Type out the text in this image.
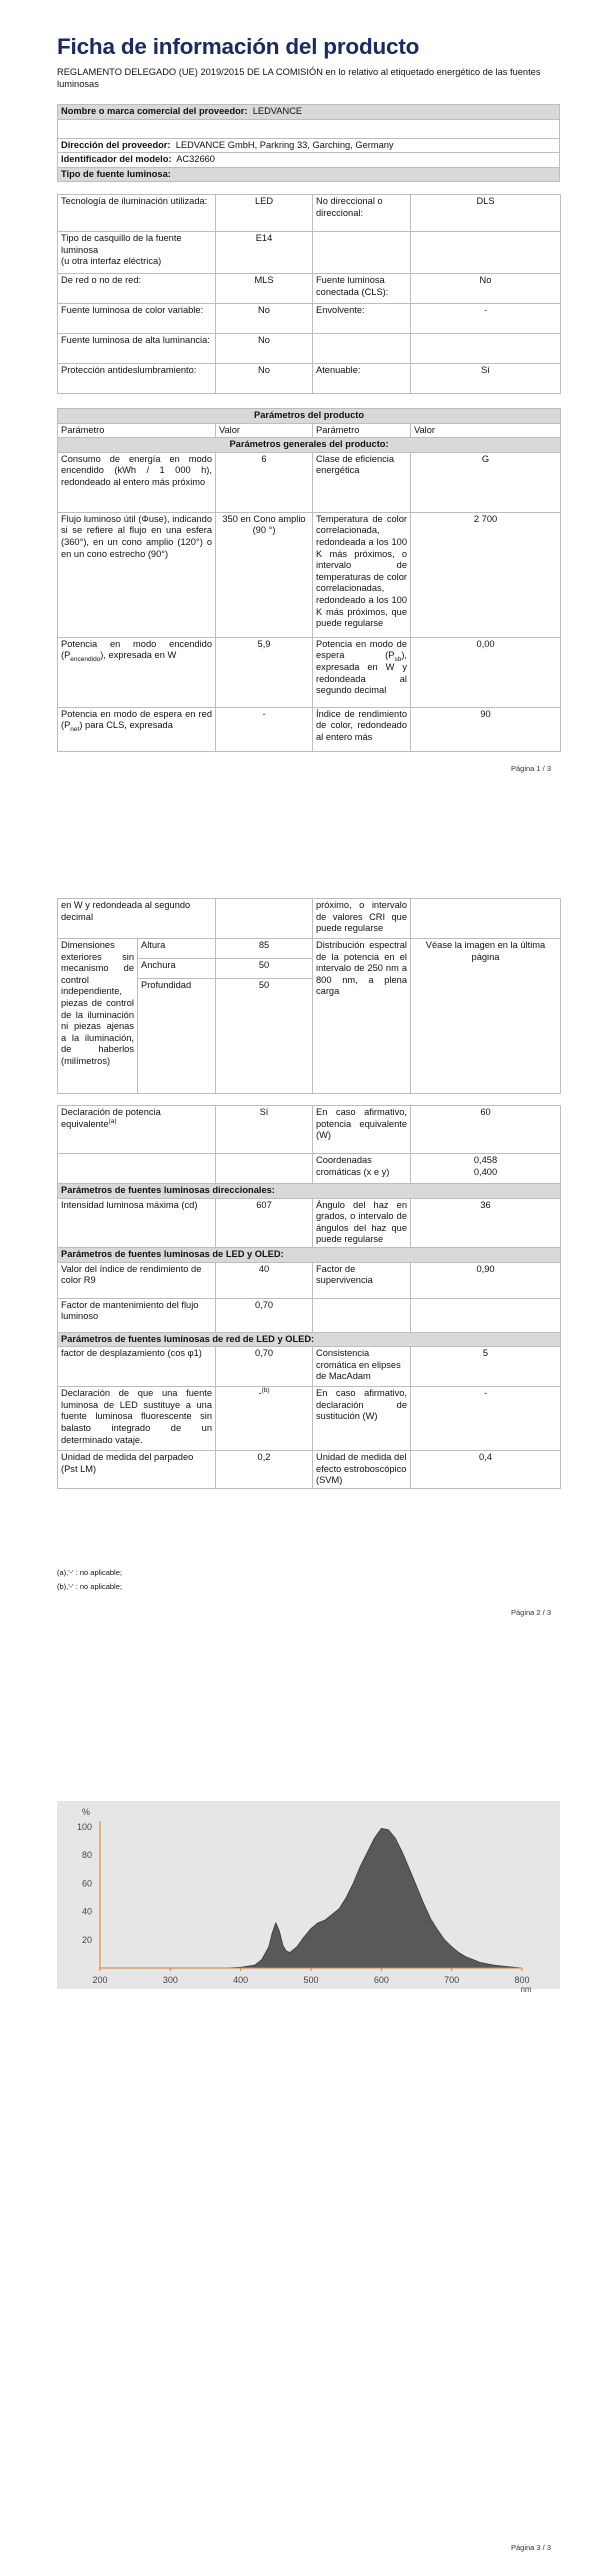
Ficha de información del producto
REGLAMENTO DELEGADO (UE) 2019/2015 DE LA COMISIÓN en lo relativo al etiquetado energético de las fuentes luminosas
Nombre o marca comercial del proveedor: LEDVANCE

Dirección del proveedor: LEDVANCE GmbH, Parkring 33, Garching, Germany
Identificador del modelo: AC32660
Tipo de fuente luminosa:
Tecnología de iluminación utilizada:	LED	No direccional o direccional:	DLS
Tipo de casquillo de la fuente luminosa
(u otra interfaz eléctrica)	E14		
De red o no de red:	MLS	Fuente luminosa conectada (CLS):	No
Fuente luminosa de color variable:	No	Envolvente:	-
Fuente luminosa de alta luminancia:	No		
Protección antideslumbramiento:	No	Atenuable:	Sí
Parámetros del producto			
Parámetro	Valor	Parámetro	Valor
Parámetros generales del producto:			
Consumo de energía en modo encendido (kWh / 1 000 h), redondeado al entero más próximo	6	Clase de eficiencia energética	G
Flujo luminoso útil (Φuse), indicando si se refiere al flujo en una esfera (360°), en un cono amplio (120°) o en un cono estrecho (90°)	350 en Cono amplio (90 °)	Temperatura de color correlacionada, redondeada a los 100 K más próximos, o intervalo de temperaturas de color correlacionadas, redondeado a los 100 K más próximos, que puede regularse	2 700
Potencia en modo encendido $(P_{encendido})$, expresada en W	5,9	Potencia en modo de espera $(P_{sb})$, expresada en W y redondeada al segundo decimal	0,00
Potencia en modo de espera en red $(P_{net})$ para CLS, expresada	-	Índice de rendimiento de color, redondeado al entero más	90
Página 1 / 3
en W y redondeada al segundo decimal		próximo, o intervalo de valores CRI que puede regularse	
Dimensiones exteriores sin mecanismo de control independiente, piezas de control de la iluminación ni piezas ajenas a la iluminación, de haberlos (milímetros)	Altura	85	Distribución espectral de la potencia en el intervalo de 250 nm a 800 nm, a plena carga	Véase la imagen en la última página
	Anchura	50		
	Profundidad	50		
Declaración de potencia equivalente$^{(a)}$	Sí	En caso afirmativo, potencia equivalente (W)	60
		Coordenadas cromáticas (x e y)	0,458
0,400
Parámetros de fuentes luminosas direccionales:			
Intensidad luminosa máxima (cd)	607	Ángulo del haz en grados, o intervalo de ángulos del haz que puede regularse	36
Parámetros de fuentes luminosas de LED y OLED:			
Valor del índice de rendimiento de color R9	40	Factor de supervivencia	0,90
Factor de mantenimiento del flujo luminoso	0,70		
Parámetros de fuentes luminosas de red de LED y OLED:			
factor de desplazamiento (cos φ1)	0,70	Consistencia cromática en elipses de MacAdam	5
Declaración de que una fuente luminosa de LED sustituye a una fuente luminosa fluorescente sin balasto integrado de un determinado vataje.	-$^{(b)}$	En caso afirmativo, declaración de sustitución (W)	-
Unidad de medida del parpadeo (Pst LM)	0,2	Unidad de medida del efecto estroboscópico (SVM)	0,4
(a),'-' : no aplicable;
(b),'-' : no aplicable;
Página 2 / 3
20
40
60
80
100
%
200	300	400	500	600	700	800
nm
Página 3 / 3
